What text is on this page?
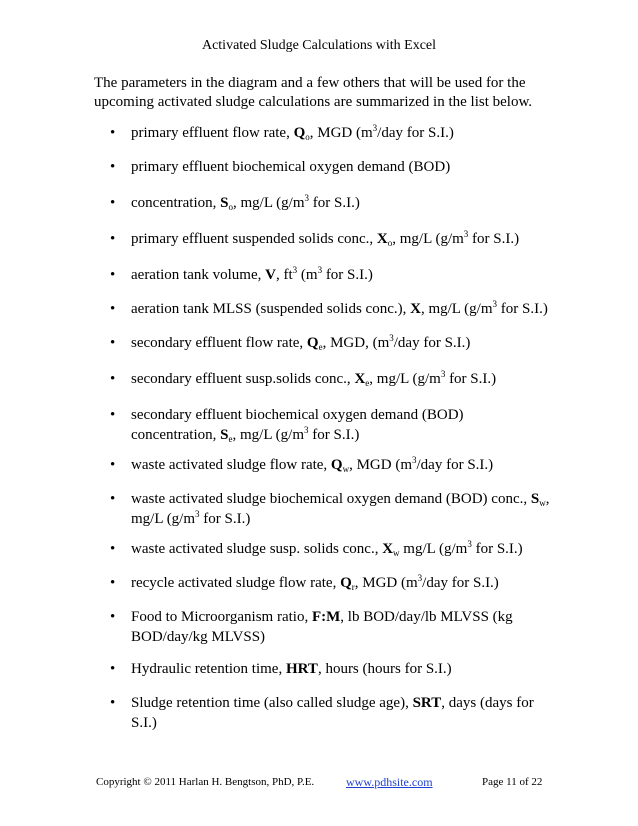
Activated Sludge Calculations with Excel
The parameters in the diagram and a few others that will be used for the upcoming activated sludge calculations are summarized in the list below.
• primary effluent flow rate, $Q_o$, MGD ($m^3$/day for S.I.)
• primary effluent biochemical oxygen demand (BOD)
• concentration, $S_o$, mg/L ($g/m^3$ for S.I.)
• primary effluent suspended solids conc., $X_o$, mg/L ($g/m^3$ for S.I.)
• aeration tank volume, V, $ft^3$ ($m^3$ for S.I.)
• aeration tank MLSS (suspended solids conc.), X, mg/L ($g/m^3$ for S.I.)
• secondary effluent flow rate, $Q_e$, MGD, ($m^3$/day for S.I.)
• secondary effluent susp.solids conc., $X_e$, mg/L ($g/m^3$ for S.I.)
• secondary effluent biochemical oxygen demand (BOD) concentration, $S_e$, mg/L ($g/m^3$ for S.I.)
• waste activated sludge flow rate, $Q_w$, MGD ($m^3$/day for S.I.)
• waste activated sludge biochemical oxygen demand (BOD) conc., $S_w$, mg/L ($g/m^3$ for S.I.)
• waste activated sludge susp. solids conc., $X_w$ mg/L ($g/m^3$ for S.I.)
• recycle activated sludge flow rate, $Q_r$, MGD ($m^3$/day for S.I.)
• Food to Microorganism ratio, F:M, lb BOD/day/lb MLVSS (kg BOD/day/kg MLVSS)
• Hydraulic retention time, HRT, hours (hours for S.I.)
• Sludge retention time (also called sludge age), SRT, days (days for S.I.)
Copyright © 2011 Harlan H. Bengtson, PhD, P.E.	www.pdhsite.com	Page 11 of 22
